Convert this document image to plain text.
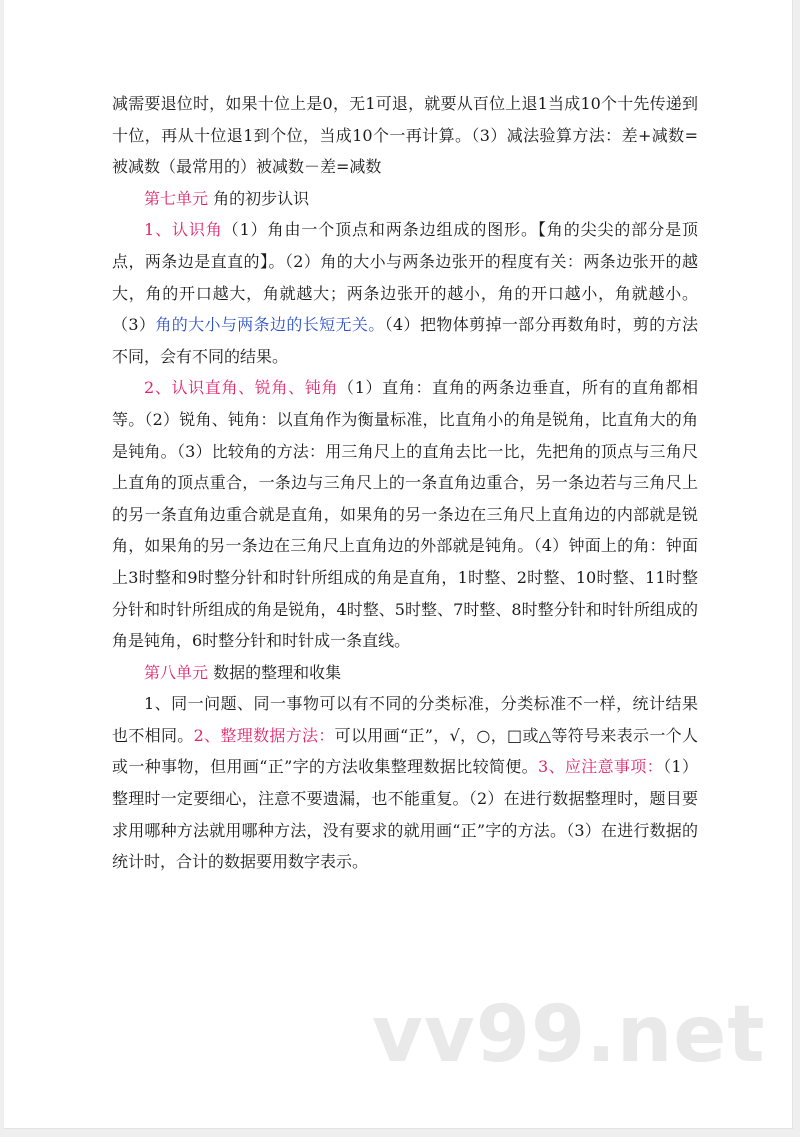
减需要退位时，如果十位上是0，无1可退，就要从百位上退1当成10个十先传递到十位，再从十位退1到个位，当成10个一再计算。（3）减法验算方法：差+减数=被减数（最常用的）被减数－差=减数

第七单元 角的初步认识

1、认识角（1）角由一个顶点和两条边组成的图形。【角的尖尖的部分是顶点，两条边是直直的】。（2）角的大小与两条边张开的程度有关：两条边张开的越大，角的开口越大，角就越大；两条边张开的越小，角的开口越小，角就越小。（3）角的大小与两条边的长短无关。（4）把物体剪掉一部分再数角时，剪的方法不同，会有不同的结果。

2、认识直角、锐角、钝角（1）直角：直角的两条边垂直，所有的直角都相等。（2）锐角、钝角：以直角作为衡量标准，比直角小的角是锐角，比直角大的角是钝角。（3）比较角的方法：用三角尺上的直角去比一比，先把角的顶点与三角尺上直角的顶点重合，一条边与三角尺上的一条直角边重合，另一条边若与三角尺上的另一条直角边重合就是直角，如果角的另一条边在三角尺上直角边的内部就是锐角，如果角的另一条边在三角尺上直角边的外部就是钝角。（4）钟面上的角：钟面上3时整和9时整分针和时针所组成的角是直角，1时整、2时整、10时整、11时整分针和时针所组成的角是锐角，4时整、5时整、7时整、8时整分针和时针所组成的角是钝角，6时整分针和时针成一条直线。

第八单元 数据的整理和收集

1、同一问题、同一事物可以有不同的分类标准，分类标准不一样，统计结果也不相同。2、整理数据方法：可以用画“正”，√，○，□或△等符号来表示一个人或一种事物，但用画“正”字的方法收集整理数据比较简便。3、应注意事项：（1）整理时一定要细心，注意不要遗漏，也不能重复。（2）在进行数据整理时，题目要求用哪种方法就用哪种方法，没有要求的就用画“正”字的方法。（3）在进行数据的统计时，合计的数据要用数字表示。

vv99.net
